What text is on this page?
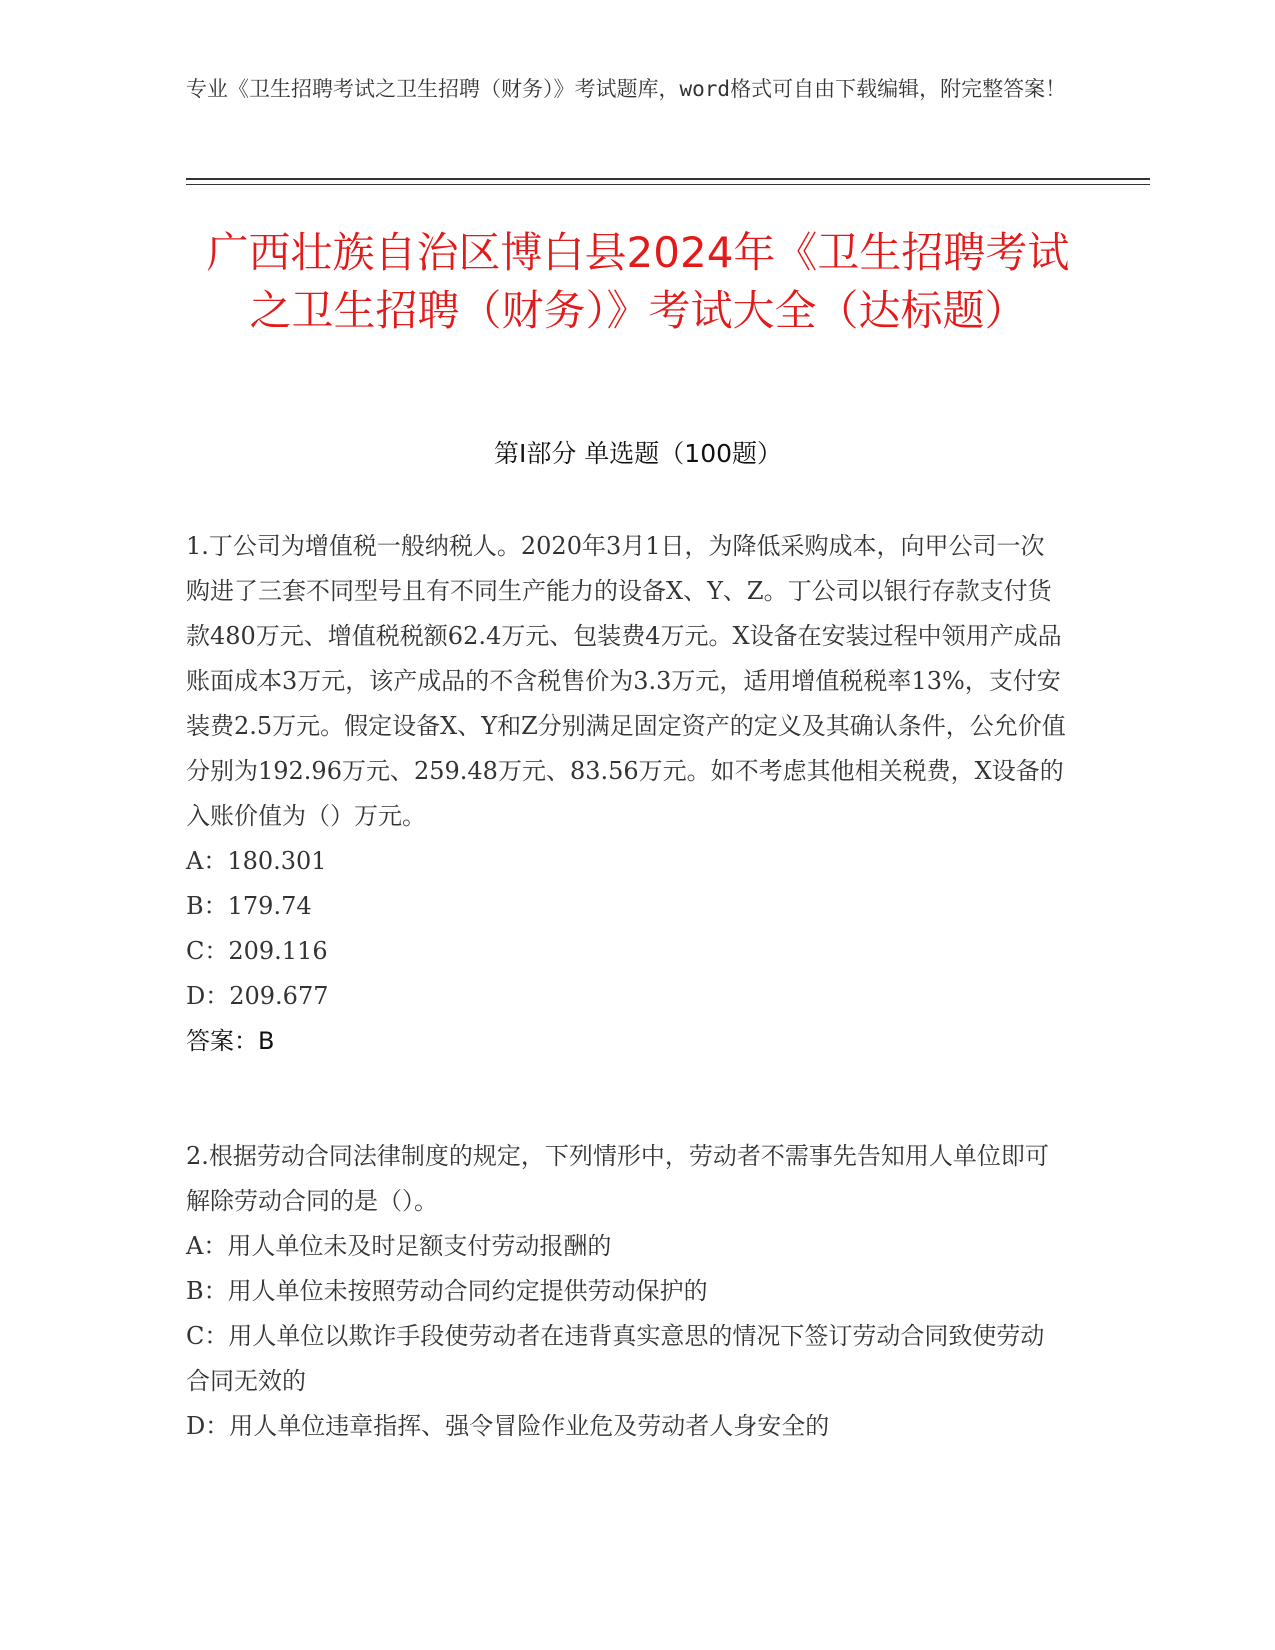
专业《卫生招聘考试之卫生招聘（财务）》考试题库，word格式可自由下载编辑，附完整答案！
广西壮族自治区博白县2024年《卫生招聘考试之卫生招聘（财务）》考试大全（达标题）
第I部分 单选题（100题）

1.丁公司为增值税一般纳税人。2020年3月1日，为降低采购成本，向甲公司一次购进了三套不同型号且有不同生产能力的设备X、Y、Z。丁公司以银行存款支付货款480万元、增值税税额62.4万元、包装费4万元。X设备在安装过程中领用产成品账面成本3万元，该产成品的不含税售价为3.3万元，适用增值税税率13%，支付安装费2.5万元。假定设备X、Y和Z分别满足固定资产的定义及其确认条件，公允价值分别为192.96万元、259.48万元、83.56万元。如不考虑其他相关税费，X设备的入账价值为（）万元。

A：180.301

B：179.74

C：209.116

D：209.677

答案：B

2.根据劳动合同法律制度的规定，下列情形中，劳动者不需事先告知用人单位即可解除劳动合同的是（）。

A：用人单位未及时足额支付劳动报酬的

B：用人单位未按照劳动合同约定提供劳动保护的

C：用人单位以欺诈手段使劳动者在违背真实意思的情况下签订劳动合同致使劳动合同无效的

D：用人单位违章指挥、强令冒险作业危及劳动者人身安全的
